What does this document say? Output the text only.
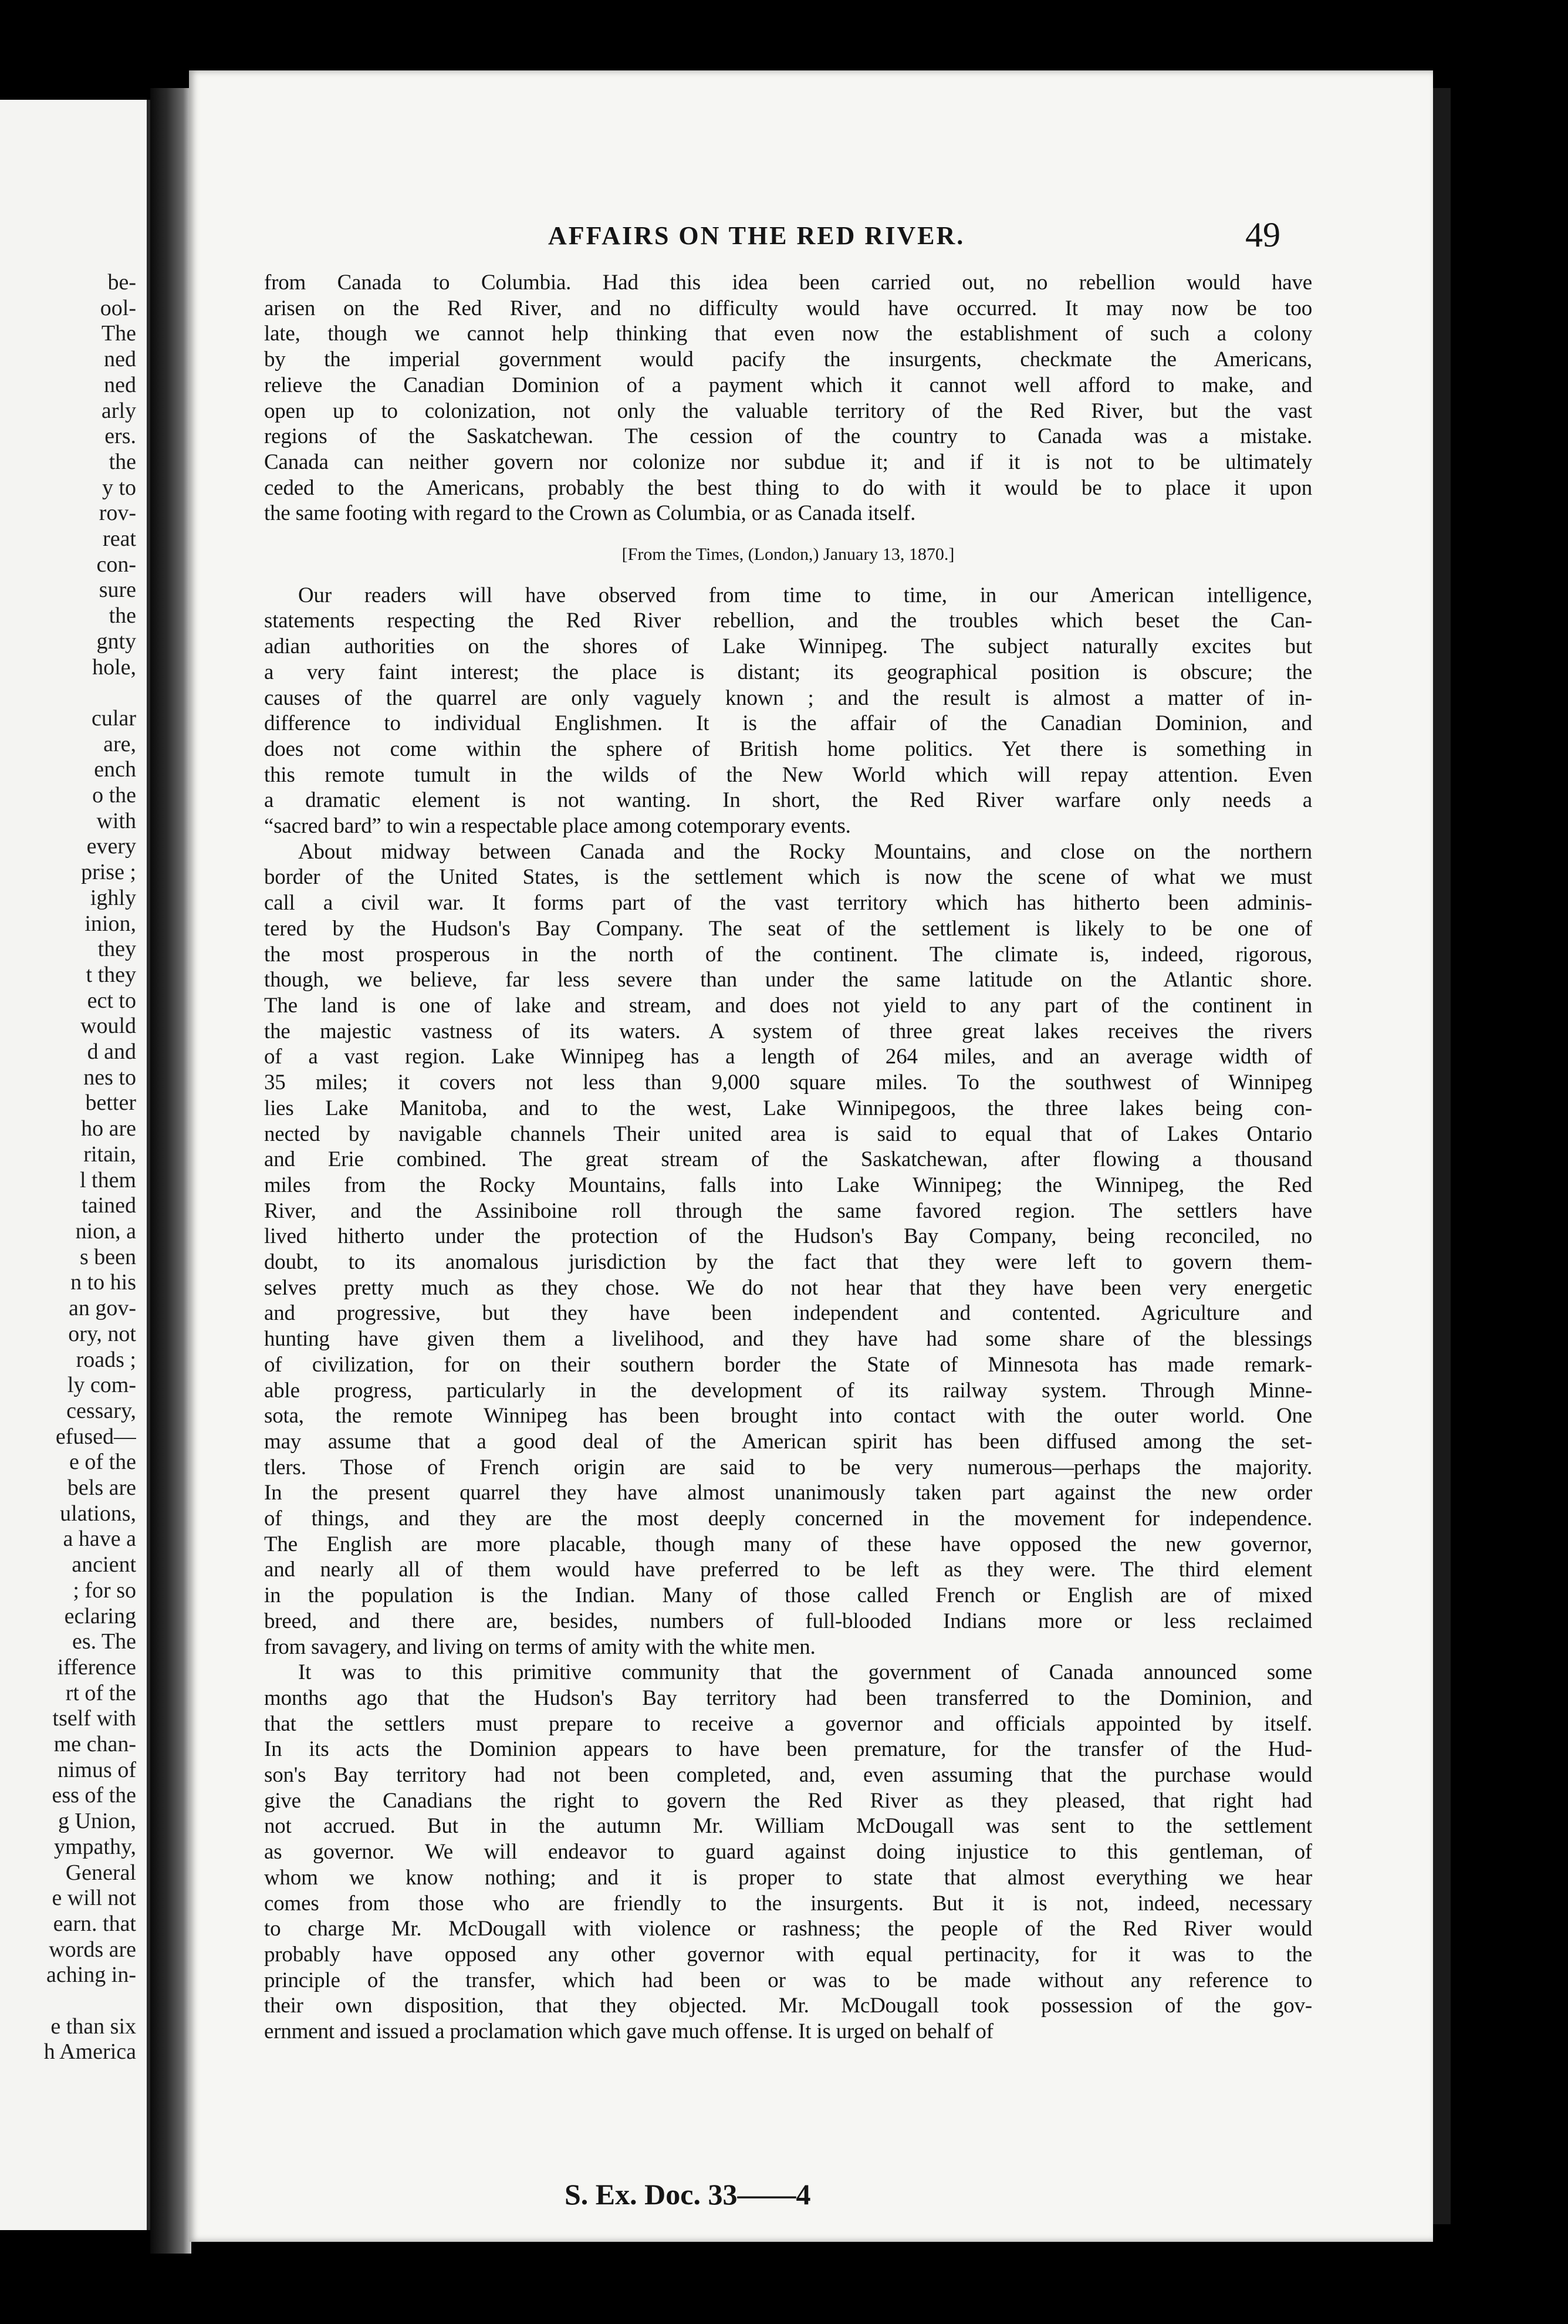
be-
ool-
The
ned
ned
arly
ers.
the
y to
rov-
reat
con-
sure
the
gnty
hole,
cular
are,
ench
o the
with
every
prise ;
ighly
inion,
they
t they
ect to
would
d and
nes to
better
ho are
ritain,
l them
tained
nion, a
s been
n to his
an gov-
ory, not
roads ;
ly com-
cessary,
efused—
e of the
bels are
ulations,
a have a
ancient
; for so
eclaring
es. The
ifference
rt of the
tself with
me chan-
nimus of
ess of the
g Union,
ympathy,
General
e will not
earn. that
words are
aching in-
e than six
h America
AFFAIRS ON THE RED RIVER.	49
from Canada to Columbia. Had this idea been carried out, no rebellion would have
arisen on the Red River, and no difficulty would have occurred. It may now be too
late, though we cannot help thinking that even now the establishment of such a colony
by the imperial government would pacify the insurgents, checkmate the Americans,
relieve the Canadian Dominion of a payment which it cannot well afford to make, and
open up to colonization, not only the valuable territory of the Red River, but the vast
regions of the Saskatchewan. The cession of the country to Canada was a mistake.
Canada can neither govern nor colonize nor subdue it; and if it is not to be ultimately
ceded to the Americans, probably the best thing to do with it would be to place it upon
the same footing with regard to the Crown as Columbia, or as Canada itself.
[From the Times, (London,) January 13, 1870.]
Our readers will have observed from time to time, in our American intelligence,
statements respecting the Red River rebellion, and the troubles which beset the Can-
adian authorities on the shores of Lake Winnipeg. The subject naturally excites but
a very faint interest; the place is distant; its geographical position is obscure; the
causes of the quarrel are only vaguely known ; and the result is almost a matter of in-
difference to individual Englishmen. It is the affair of the Canadian Dominion, and
does not come within the sphere of British home politics. Yet there is something in
this remote tumult in the wilds of the New World which will repay attention. Even
a dramatic element is not wanting. In short, the Red River warfare only needs a
“sacred bard” to win a respectable place among cotemporary events.
About midway between Canada and the Rocky Mountains, and close on the northern
border of the United States, is the settlement which is now the scene of what we must
call a civil war. It forms part of the vast territory which has hitherto been adminis-
tered by the Hudson's Bay Company. The seat of the settlement is likely to be one of
the most prosperous in the north of the continent. The climate is, indeed, rigorous,
though, we believe, far less severe than under the same latitude on the Atlantic shore.
The land is one of lake and stream, and does not yield to any part of the continent in
the majestic vastness of its waters. A system of three great lakes receives the rivers
of a vast region. Lake Winnipeg has a length of 264 miles, and an average width of
35 miles; it covers not less than 9,000 square miles. To the southwest of Winnipeg
lies Lake Manitoba, and to the west, Lake Winnipegoos, the three lakes being con-
nected by navigable channels Their united area is said to equal that of Lakes Ontario
and Erie combined. The great stream of the Saskatchewan, after flowing a thousand
miles from the Rocky Mountains, falls into Lake Winnipeg; the Winnipeg, the Red
River, and the Assiniboine roll through the same favored region. The settlers have
lived hitherto under the protection of the Hudson's Bay Company, being reconciled, no
doubt, to its anomalous jurisdiction by the fact that they were left to govern them-
selves pretty much as they chose. We do not hear that they have been very energetic
and progressive, but they have been independent and contented. Agriculture and
hunting have given them a livelihood, and they have had some share of the blessings
of civilization, for on their southern border the State of Minnesota has made remark-
able progress, particularly in the development of its railway system. Through Minne-
sota, the remote Winnipeg has been brought into contact with the outer world. One
may assume that a good deal of the American spirit has been diffused among the set-
tlers. Those of French origin are said to be very numerous—perhaps the majority.
In the present quarrel they have almost unanimously taken part against the new order
of things, and they are the most deeply concerned in the movement for independence.
The English are more placable, though many of these have opposed the new governor,
and nearly all of them would have preferred to be left as they were. The third element
in the population is the Indian. Many of those called French or English are of mixed
breed, and there are, besides, numbers of full-blooded Indians more or less reclaimed
from savagery, and living on terms of amity with the white men.
It was to this primitive community that the government of Canada announced some
months ago that the Hudson's Bay territory had been transferred to the Dominion, and
that the settlers must prepare to receive a governor and officials appointed by itself.
In its acts the Dominion appears to have been premature, for the transfer of the Hud-
son's Bay territory had not been completed, and, even assuming that the purchase would
give the Canadians the right to govern the Red River as they pleased, that right had
not accrued. But in the autumn Mr. William McDougall was sent to the settlement
as governor. We will endeavor to guard against doing injustice to this gentleman, of
whom we know nothing; and it is proper to state that almost everything we hear
comes from those who are friendly to the insurgents. But it is not, indeed, necessary
to charge Mr. McDougall with violence or rashness; the people of the Red River would
probably have opposed any other governor with equal pertinacity, for it was to the
principle of the transfer, which had been or was to be made without any reference to
their own disposition, that they objected. Mr. McDougall took possession of the gov-
ernment and issued a proclamation which gave much offense. It is urged on behalf of
S. Ex. Doc. 33——4
